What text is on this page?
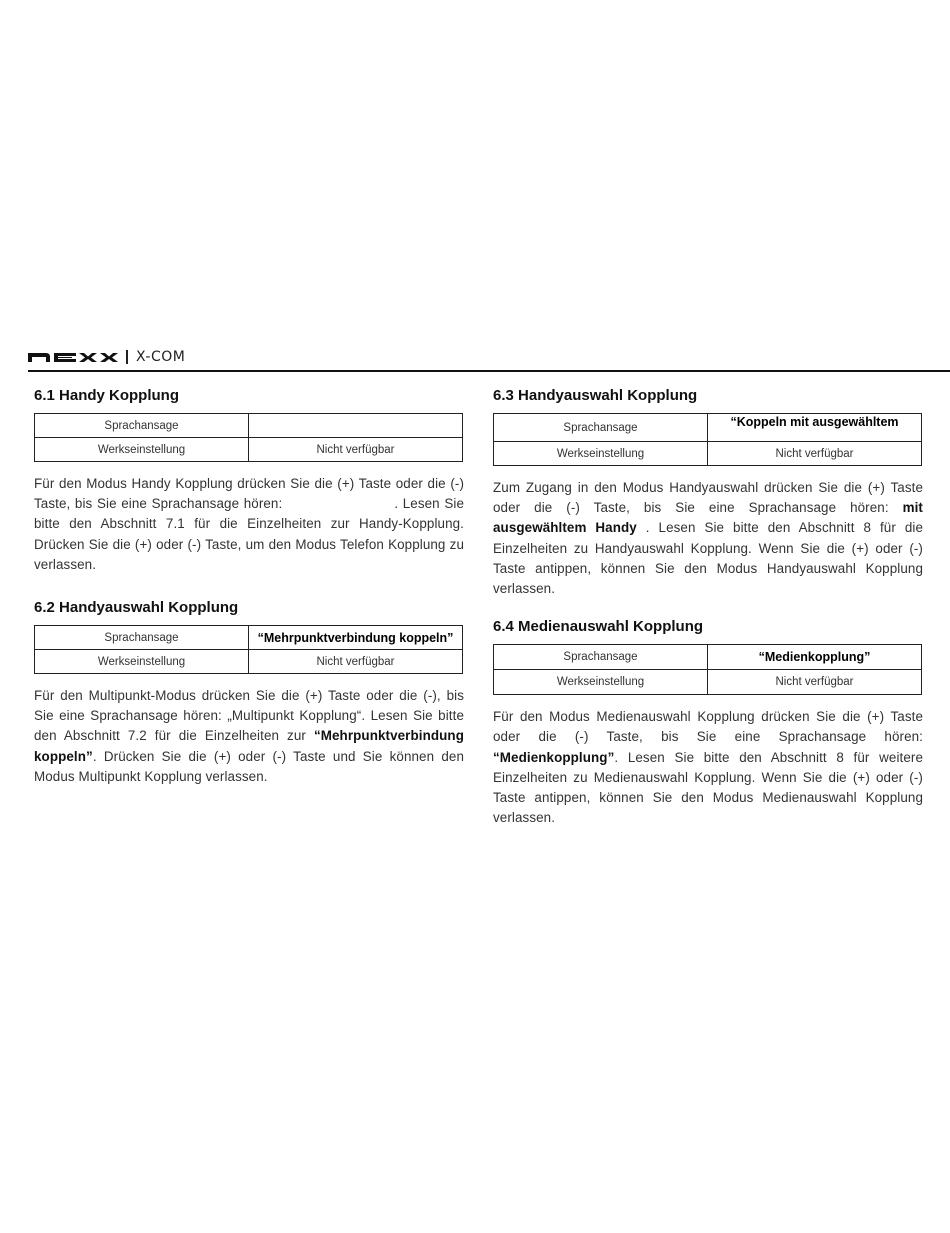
X-COM
6.1 Handy Kopplung
Sprachansage	
Werkseinstellung	Nicht verfügbar

Für den Modus Handy Kopplung drücken Sie die (+) Taste oder die (-) Taste, bis Sie eine Sprachansage hören:	. Lesen Sie bitte den Abschnitt 7.1 für die Einzelheiten zur Handy-Kopplung. Drücken Sie die (+) oder (-) Taste, um den Modus Telefon Kopplung zu verlassen.

6.2 Handyauswahl Kopplung
Sprachansage	“Mehrpunktverbindung koppeln”
Werkseinstellung	Nicht verfügbar

Für den Multipunkt-Modus drücken Sie die (+) Taste oder die (-), bis Sie eine Sprachansage hören: „Multipunkt Kopplung“. Lesen Sie bitte den Abschnitt 7.2 für die Einzelheiten zur “Mehrpunktverbindung koppeln”. Drücken Sie die (+) oder (-) Taste und Sie können den Modus Multipunkt Kopplung verlassen.

6.3 Handyauswahl Kopplung
Sprachansage	“Koppeln mit ausgewähltem
Werkseinstellung	Nicht verfügbar

Zum Zugang in den Modus Handyauswahl drücken Sie die (+) Taste oder die (-) Taste, bis Sie eine Sprachansage hören: mit ausgewähltem Handy . Lesen Sie bitte den Abschnitt 8 für die Einzelheiten zu Handyauswahl Kopplung. Wenn Sie die (+) oder (-) Taste antippen, können Sie den Modus Handyauswahl Kopplung verlassen.

6.4 Medienauswahl Kopplung
Sprachansage	“Medienkopplung”
Werkseinstellung	Nicht verfügbar

Für den Modus Medienauswahl Kopplung drücken Sie die (+) Taste oder die (-) Taste, bis Sie eine Sprachansage hören: “Medienkopplung”. Lesen Sie bitte den Abschnitt 8 für weitere Einzelheiten zu Medienauswahl Kopplung. Wenn Sie die (+) oder (-) Taste antippen, können Sie den Modus Medienauswahl Kopplung verlassen.
